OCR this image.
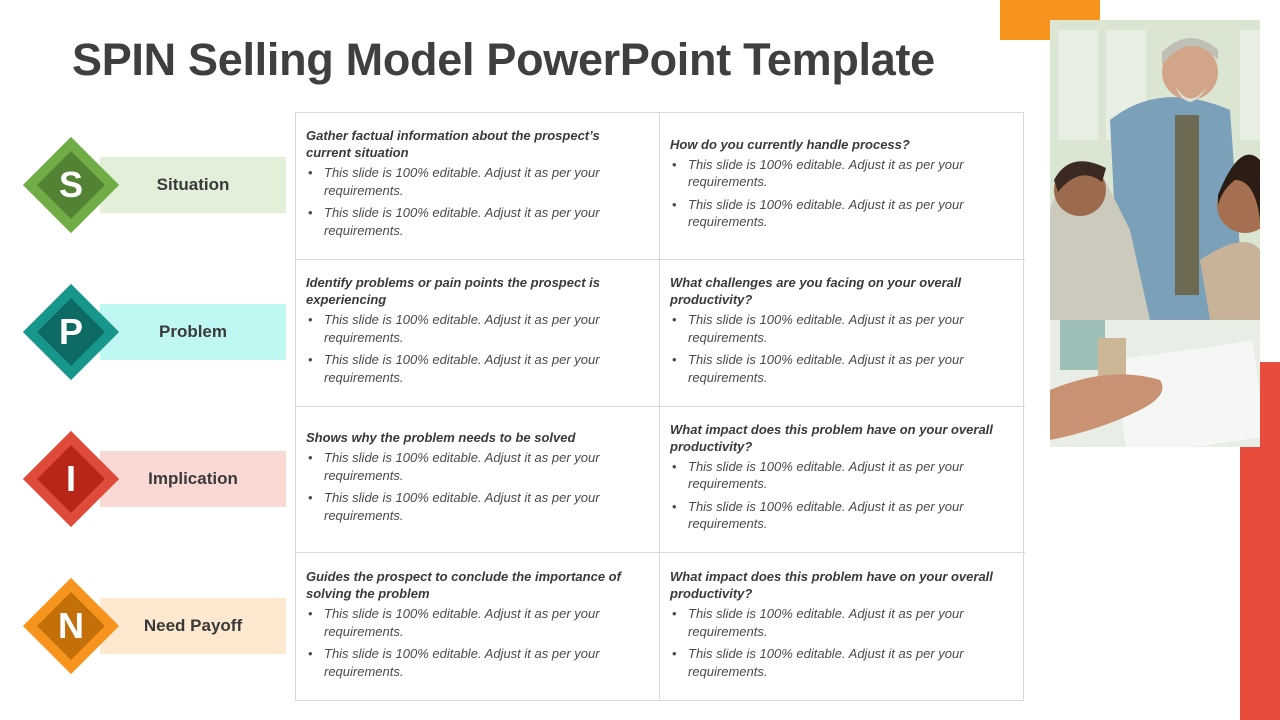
SPIN Selling Model PowerPoint Template
Situation
S
Problem
P
Implication
I
Need Payoff
N
Gather factual information about the prospect’s current situation
• This slide is 100% editable. Adjust it as per your requirements.
• This slide is 100% editable. Adjust it as per your requirements.
How do you currently handle process?
• This slide is 100% editable. Adjust it as per your requirements.
• This slide is 100% editable. Adjust it as per your requirements.
Identify problems or pain points the prospect is experiencing
• This slide is 100% editable. Adjust it as per your requirements.
• This slide is 100% editable. Adjust it as per your requirements.
What challenges are you facing on your overall productivity?
• This slide is 100% editable. Adjust it as per your requirements.
• This slide is 100% editable. Adjust it as per your requirements.
Shows why the problem needs to be solved
• This slide is 100% editable. Adjust it as per your requirements.
• This slide is 100% editable. Adjust it as per your requirements.
What impact does this problem have on your overall productivity?
• This slide is 100% editable. Adjust it as per your requirements.
• This slide is 100% editable. Adjust it as per your requirements.
Guides the prospect to conclude the importance of solving the problem
• This slide is 100% editable. Adjust it as per your requirements.
• This slide is 100% editable. Adjust it as per your requirements.
What impact does this problem have on your overall productivity?
• This slide is 100% editable. Adjust it as per your requirements.
• This slide is 100% editable. Adjust it as per your requirements.
